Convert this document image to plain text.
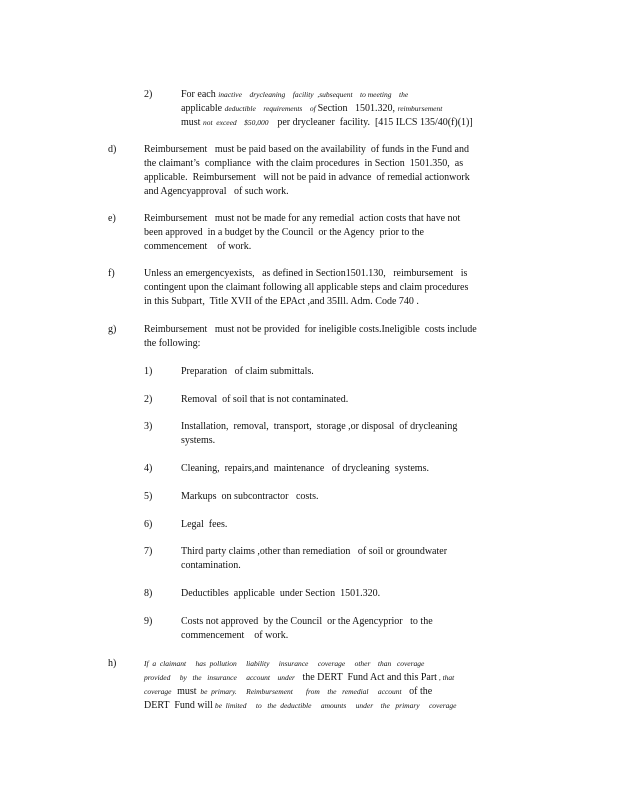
2)	For each inactive    drycleaning    facility  ,subsequent    to meeting    the
applicable deductible    requirements    of Section   1501.320, reimbursement
must not  exceed    $50,000    per drycleaner  facility.  [415 ILCS 135/40(f)(1)]
d)	Reimbursement   must be paid based on the availability  of funds in the Fund and
the claimant’s  compliance  with the claim procedures  in Section  1501.350,  as
applicable.  Reimbursement   will not be paid in advance  of remedial actionwork
and Agencyapproval   of such work.
e)	Reimbursement   must not be made for any remedial  action costs that have not
been approved  in a budget by the Council  or the Agency  prior to the
commencement    of work.
f)	Unless an emergencyexists,   as defined in Section1501.130,   reimbursement   is
contingent upon the claimant following all applicable steps and claim procedures
in this Subpart,  Title XVII of the EPAct ,and 35Ill. Adm. Code 740 .
g)	Reimbursement   must not be provided  for ineligible costs.Ineligible  costs include
the following:
1)	Preparation   of claim submittals.
2)	Removal  of soil that is not contaminated.
3)	Installation,  removal,  transport,  storage ,or disposal  of drycleaning
systems.
4)	Cleaning,  repairs,and  maintenance   of drycleaning  systems.
5)	Markups  on subcontractor   costs.
6)	Legal  fees.
7)	Third party claims ,other than remediation   of soil or groundwater
contamination.
8)	Deductibles  applicable  under Section  1501.320.
9)	Costs not approved  by the Council  or the Agencyprior   to the
commencement    of work.
h)	If  a  claimant     has  pollution     liability     insurance     coverage     other    than   coverage
provided     by   the   insurance     account    under    the DERT  Fund Act and this Part , that
coverage   must  be  primary.     Reimbursement       from    the   remedial     account    of the
DERT  Fund will be  limited     to   the  deductible     amounts     under    the   primary     coverage
